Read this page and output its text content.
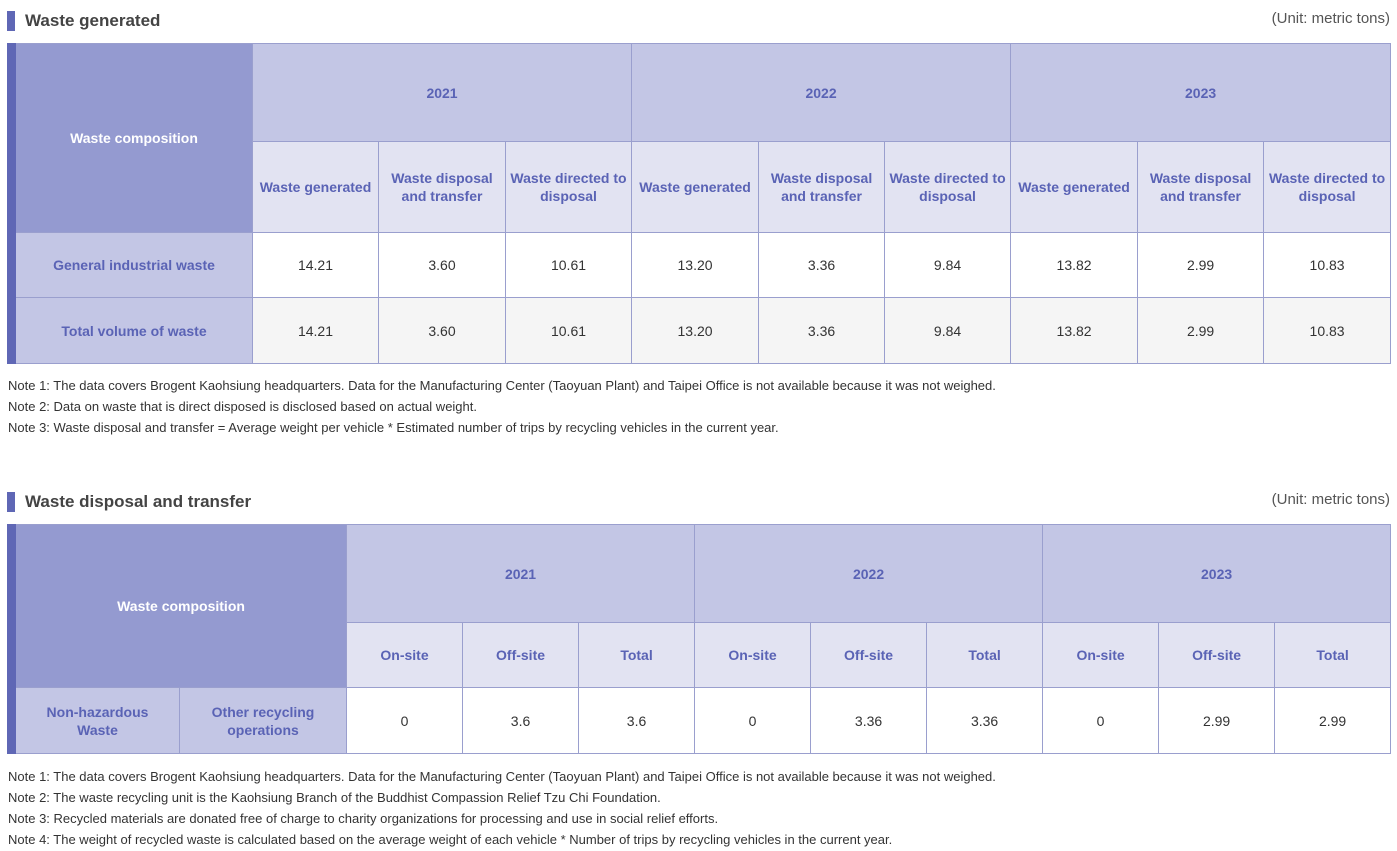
Waste generated	(Unit: metric tons)
	Waste composition	2021			2022			2023		
		Waste generated	Waste disposal and transfer	Waste directed to disposal	Waste generated	Waste disposal and transfer	Waste directed to disposal	Waste generated	Waste disposal and transfer	Waste directed to disposal
	General industrial waste	14.21	3.60	10.61	13.20	3.36	9.84	13.82	2.99	10.83
	Total volume of waste	14.21	3.60	10.61	13.20	3.36	9.84	13.82	2.99	10.83
Note 1: The data covers Brogent Kaohsiung headquarters. Data for the Manufacturing Center (Taoyuan Plant) and Taipei Office is not available because it was not weighed.
Note 2: Data on waste that is direct disposed is disclosed based on actual weight.
Note 3: Waste disposal and transfer = Average weight per vehicle * Estimated number of trips by recycling vehicles in the current year.
Waste disposal and transfer	(Unit: metric tons)
	Waste composition		2021			2022			2023		
			On-site	Off-site	Total	On-site	Off-site	Total	On-site	Off-site	Total
	Non-hazardous Waste	Other recycling operations	0	3.6	3.6	0	3.36	3.36	0	2.99	2.99
Note 1: The data covers Brogent Kaohsiung headquarters. Data for the Manufacturing Center (Taoyuan Plant) and Taipei Office is not available because it was not weighed.
Note 2: The waste recycling unit is the Kaohsiung Branch of the Buddhist Compassion Relief Tzu Chi Foundation.
Note 3: Recycled materials are donated free of charge to charity organizations for processing and use in social relief efforts.
Note 4: The weight of recycled waste is calculated based on the average weight of each vehicle * Number of trips by recycling vehicles in the current year.
